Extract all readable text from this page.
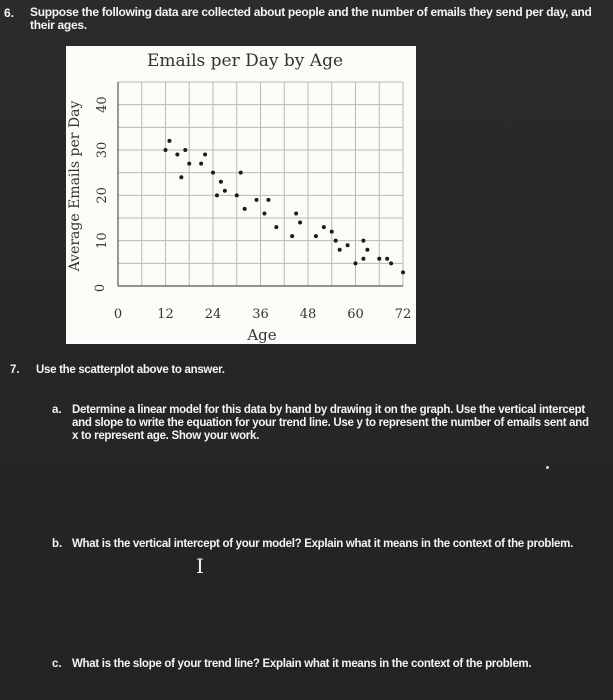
6. Suppose the following data are collected about people and the number of emails they send per day, and their ages.
0	12 24 36 48 60 72
0
10
20
30
40
Emails per Day by Age
Age
Average Emails per Day
7. Use the scatterplot above to answer.
a. Determine a linear model for this data by hand by drawing it on the graph. Use the vertical intercept and slope to write the equation for your trend line. Use y to represent the number of emails sent and x to represent age. Show your work.
b. What is the vertical intercept of your model? Explain what it means in the context of the problem.
I
c. What is the slope of your trend line? Explain what it means in the context of the problem.
